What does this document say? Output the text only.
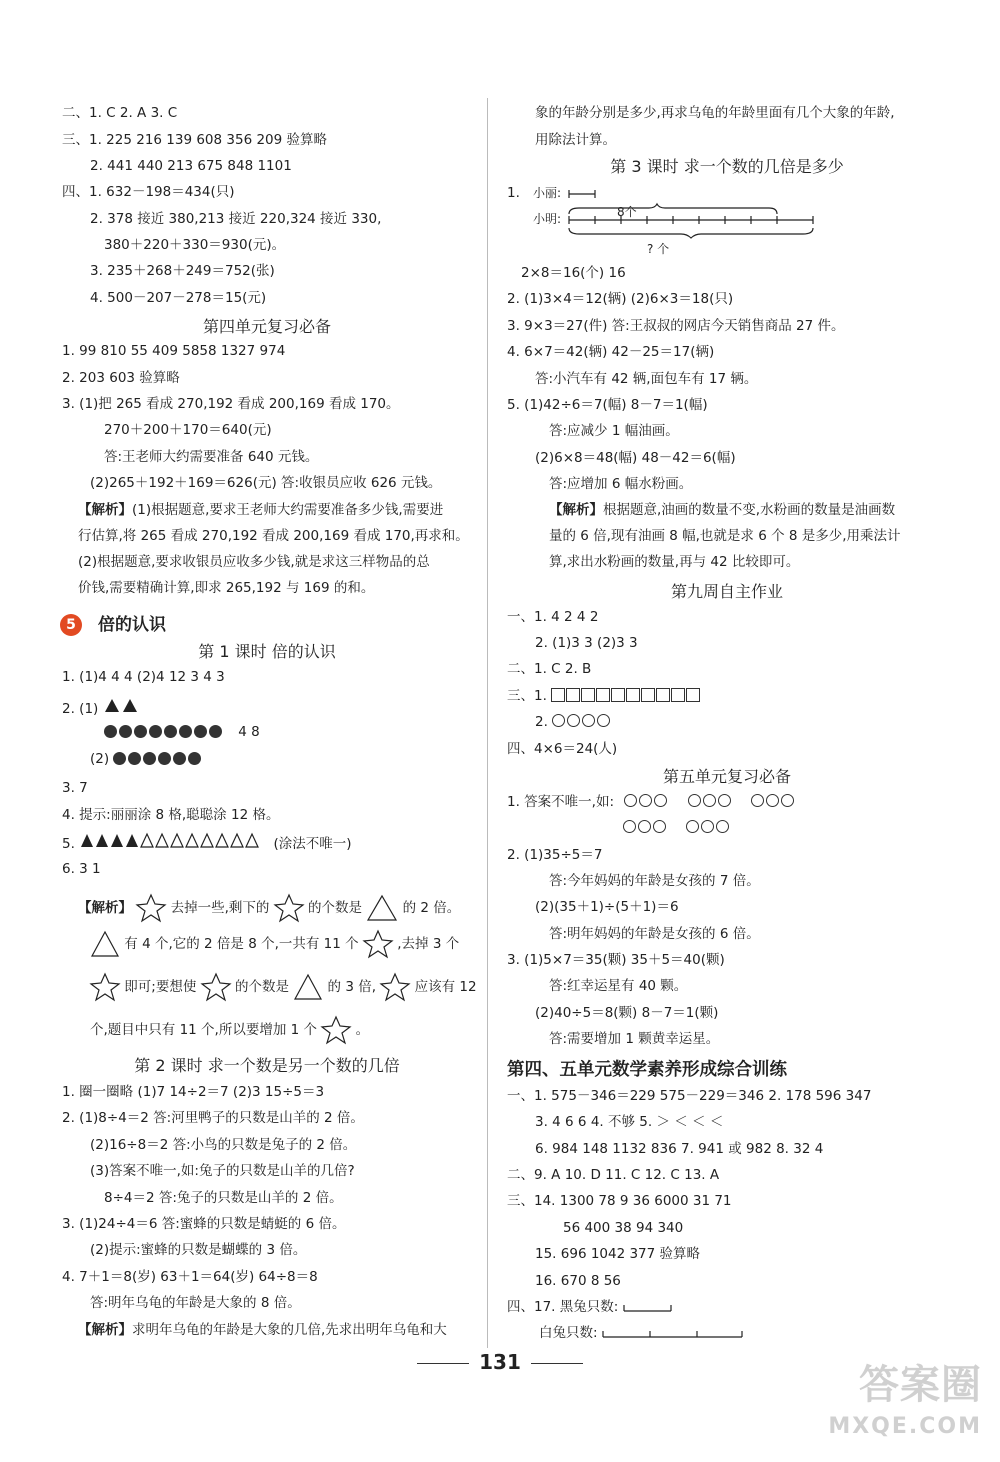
二、1. C 2. A 3. C
三、1. 225 216 139 608 356 209 验算略
2. 441 440 213 675 848 1101
四、1. 632－198＝434(只)
2. 378 接近 380,213 接近 220,324 接近 330,
380＋220＋330＝930(元)。
3. 235＋268＋249＝752(张)
4. 500－207－278＝15(元)
第四单元复习必备
1. 99 810 55 409 5858 1327 974
2. 203 603 验算略
3. (1)把 265 看成 270,192 看成 200,169 看成 170。
270＋200＋170＝640(元)
答:王老师大约需要准备 640 元钱。
(2)265＋192＋169＝626(元) 答:收银员应收 626 元钱。
【解析】(1)根据题意,要求王老师大约需要准备多少钱,需要进
行估算,将 265 看成 270,192 看成 200,169 看成 170,再求和。
(2)根据题意,要求收银员应收多少钱,就是求这三样物品的总
价钱,需要精确计算,即求 265,192 与 169 的和。
5 倍的认识
第 1 课时 倍的认识
1. (1)4 4 4 (2)4 12 3 4 3
2. (1)
4 8
(2)
3. 7
4. 提示:丽丽涂 8 格,聪聪涂 12 格。
5.	(涂法不唯一)
6. 3 1
【解析】	去掉一些,剩下的	的个数是	的 2 倍。
有 4 个,它的 2 倍是 8 个,一共有 11 个	,去掉 3 个
即可;要想使	的个数是	的 3 倍,	应该有 12
个,题目中只有 11 个,所以要增加 1 个	。
第 2 课时 求一个数是另一个数的几倍
1. 圈一圈略 (1)7 14÷2＝7 (2)3 15÷5＝3
2. (1)8÷4＝2 答:河里鸭子的只数是山羊的 2 倍。
(2)16÷8＝2 答:小鸟的只数是兔子的 2 倍。
(3)答案不唯一,如:兔子的只数是山羊的几倍?
8÷4＝2 答:兔子的只数是山羊的 2 倍。
3. (1)24÷4＝6 答:蜜蜂的只数是蜻蜓的 6 倍。
(2)提示:蜜蜂的只数是蝴蝶的 3 倍。
4. 7＋1＝8(岁) 63＋1＝64(岁) 64÷8＝8
答:明年乌龟的年龄是大象的 8 倍。
【解析】求明年乌龟的年龄是大象的几倍,先求出明年乌龟和大
象的年龄分别是多少,再求乌龟的年龄里面有几个大象的年龄,
用除法计算。
第 3 课时 求一个数的几倍是多少
1. 小丽:
小明:	8个
? 个
2×8＝16(个) 16
2. (1)3×4＝12(辆) (2)6×3＝18(只)
3. 9×3＝27(件) 答:王叔叔的网店今天销售商品 27 件。
4. 6×7＝42(辆) 42－25＝17(辆)
答:小汽车有 42 辆,面包车有 17 辆。
5. (1)42÷6＝7(幅) 8－7＝1(幅)
答:应减少 1 幅油画。
(2)6×8＝48(幅) 48－42＝6(幅)
答:应增加 6 幅水粉画。
【解析】根据题意,油画的数量不变,水粉画的数量是油画数
量的 6 倍,现有油画 8 幅,也就是求 6 个 8 是多少,用乘法计
算,求出水粉画的数量,再与 42 比较即可。
第九周自主作业
一、1. 4 2 4 2
2. (1)3 3 (2)3 3
二、1. C 2. B
三、1.
2.
四、4×6＝24(人)
第五单元复习必备
1. 答案不唯一,如:

2. (1)35÷5＝7
答:今年妈妈的年龄是女孩的 7 倍。
(2)(35＋1)÷(5＋1)＝6
答:明年妈妈的年龄是女孩的 6 倍。
3. (1)5×7＝35(颗) 35＋5＝40(颗)
答:红幸运星有 40 颗。
(2)40÷5＝8(颗) 8－7＝1(颗)
答:需要增加 1 颗黄幸运星。
第四、五单元数学素养形成综合训练
一、1. 575－346＝229 575－229＝346 2. 178 596 347
3. 4 6 6 4. 不够 5. ＞ ＜ ＜ ＜
6. 984 148 1132 836 7. 941 或 982 8. 32 4
二、9. A 10. D 11. C 12. C 13. A
三、14. 1300 78 9 36 6000 31 71
56 400 38 94 340
15. 696 1042 377 验算略
16. 670 8 56
四、17. 黑兔只数:
白兔只数:
131	答案圈
MXQE.COM
